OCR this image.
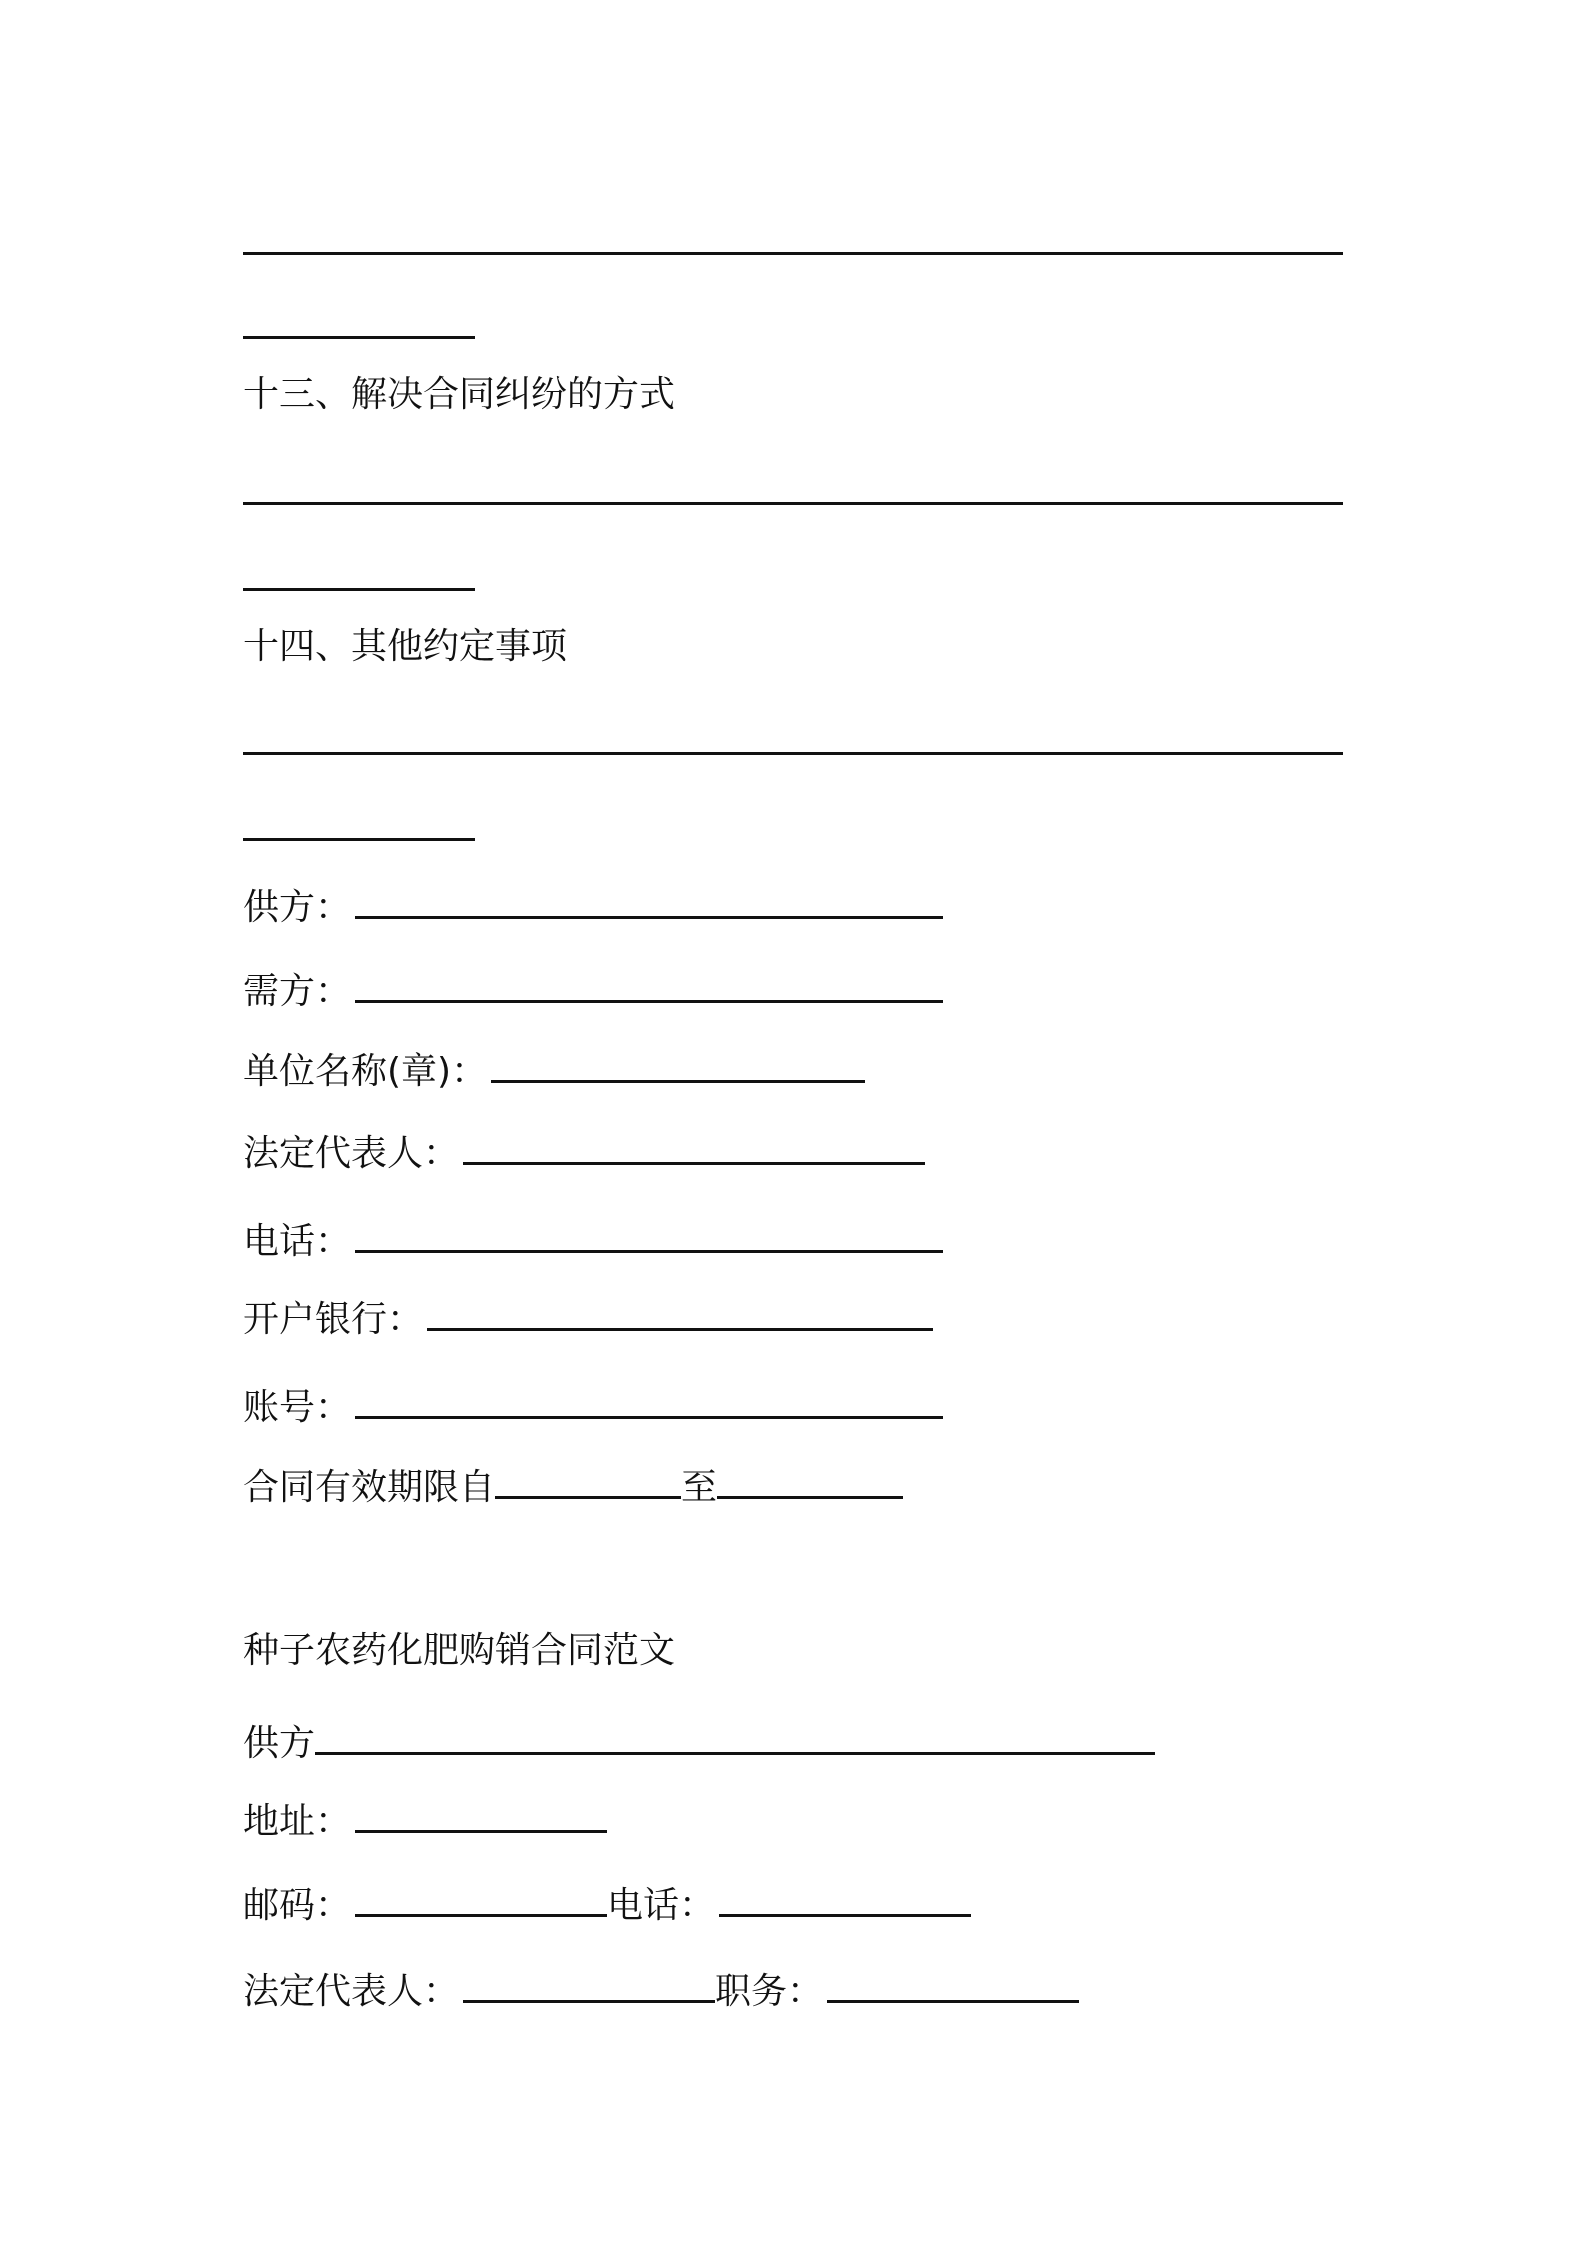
十三、解决合同纠纷的方式
十四、其他约定事项
供方：
需方：
单位名称(章)：
法定代表人：
电话：
开户银行：
账号：
合同有效期限自	至
种子农药化肥购销合同范文
供方
地址：
邮码：	电话：
法定代表人：	职务：
